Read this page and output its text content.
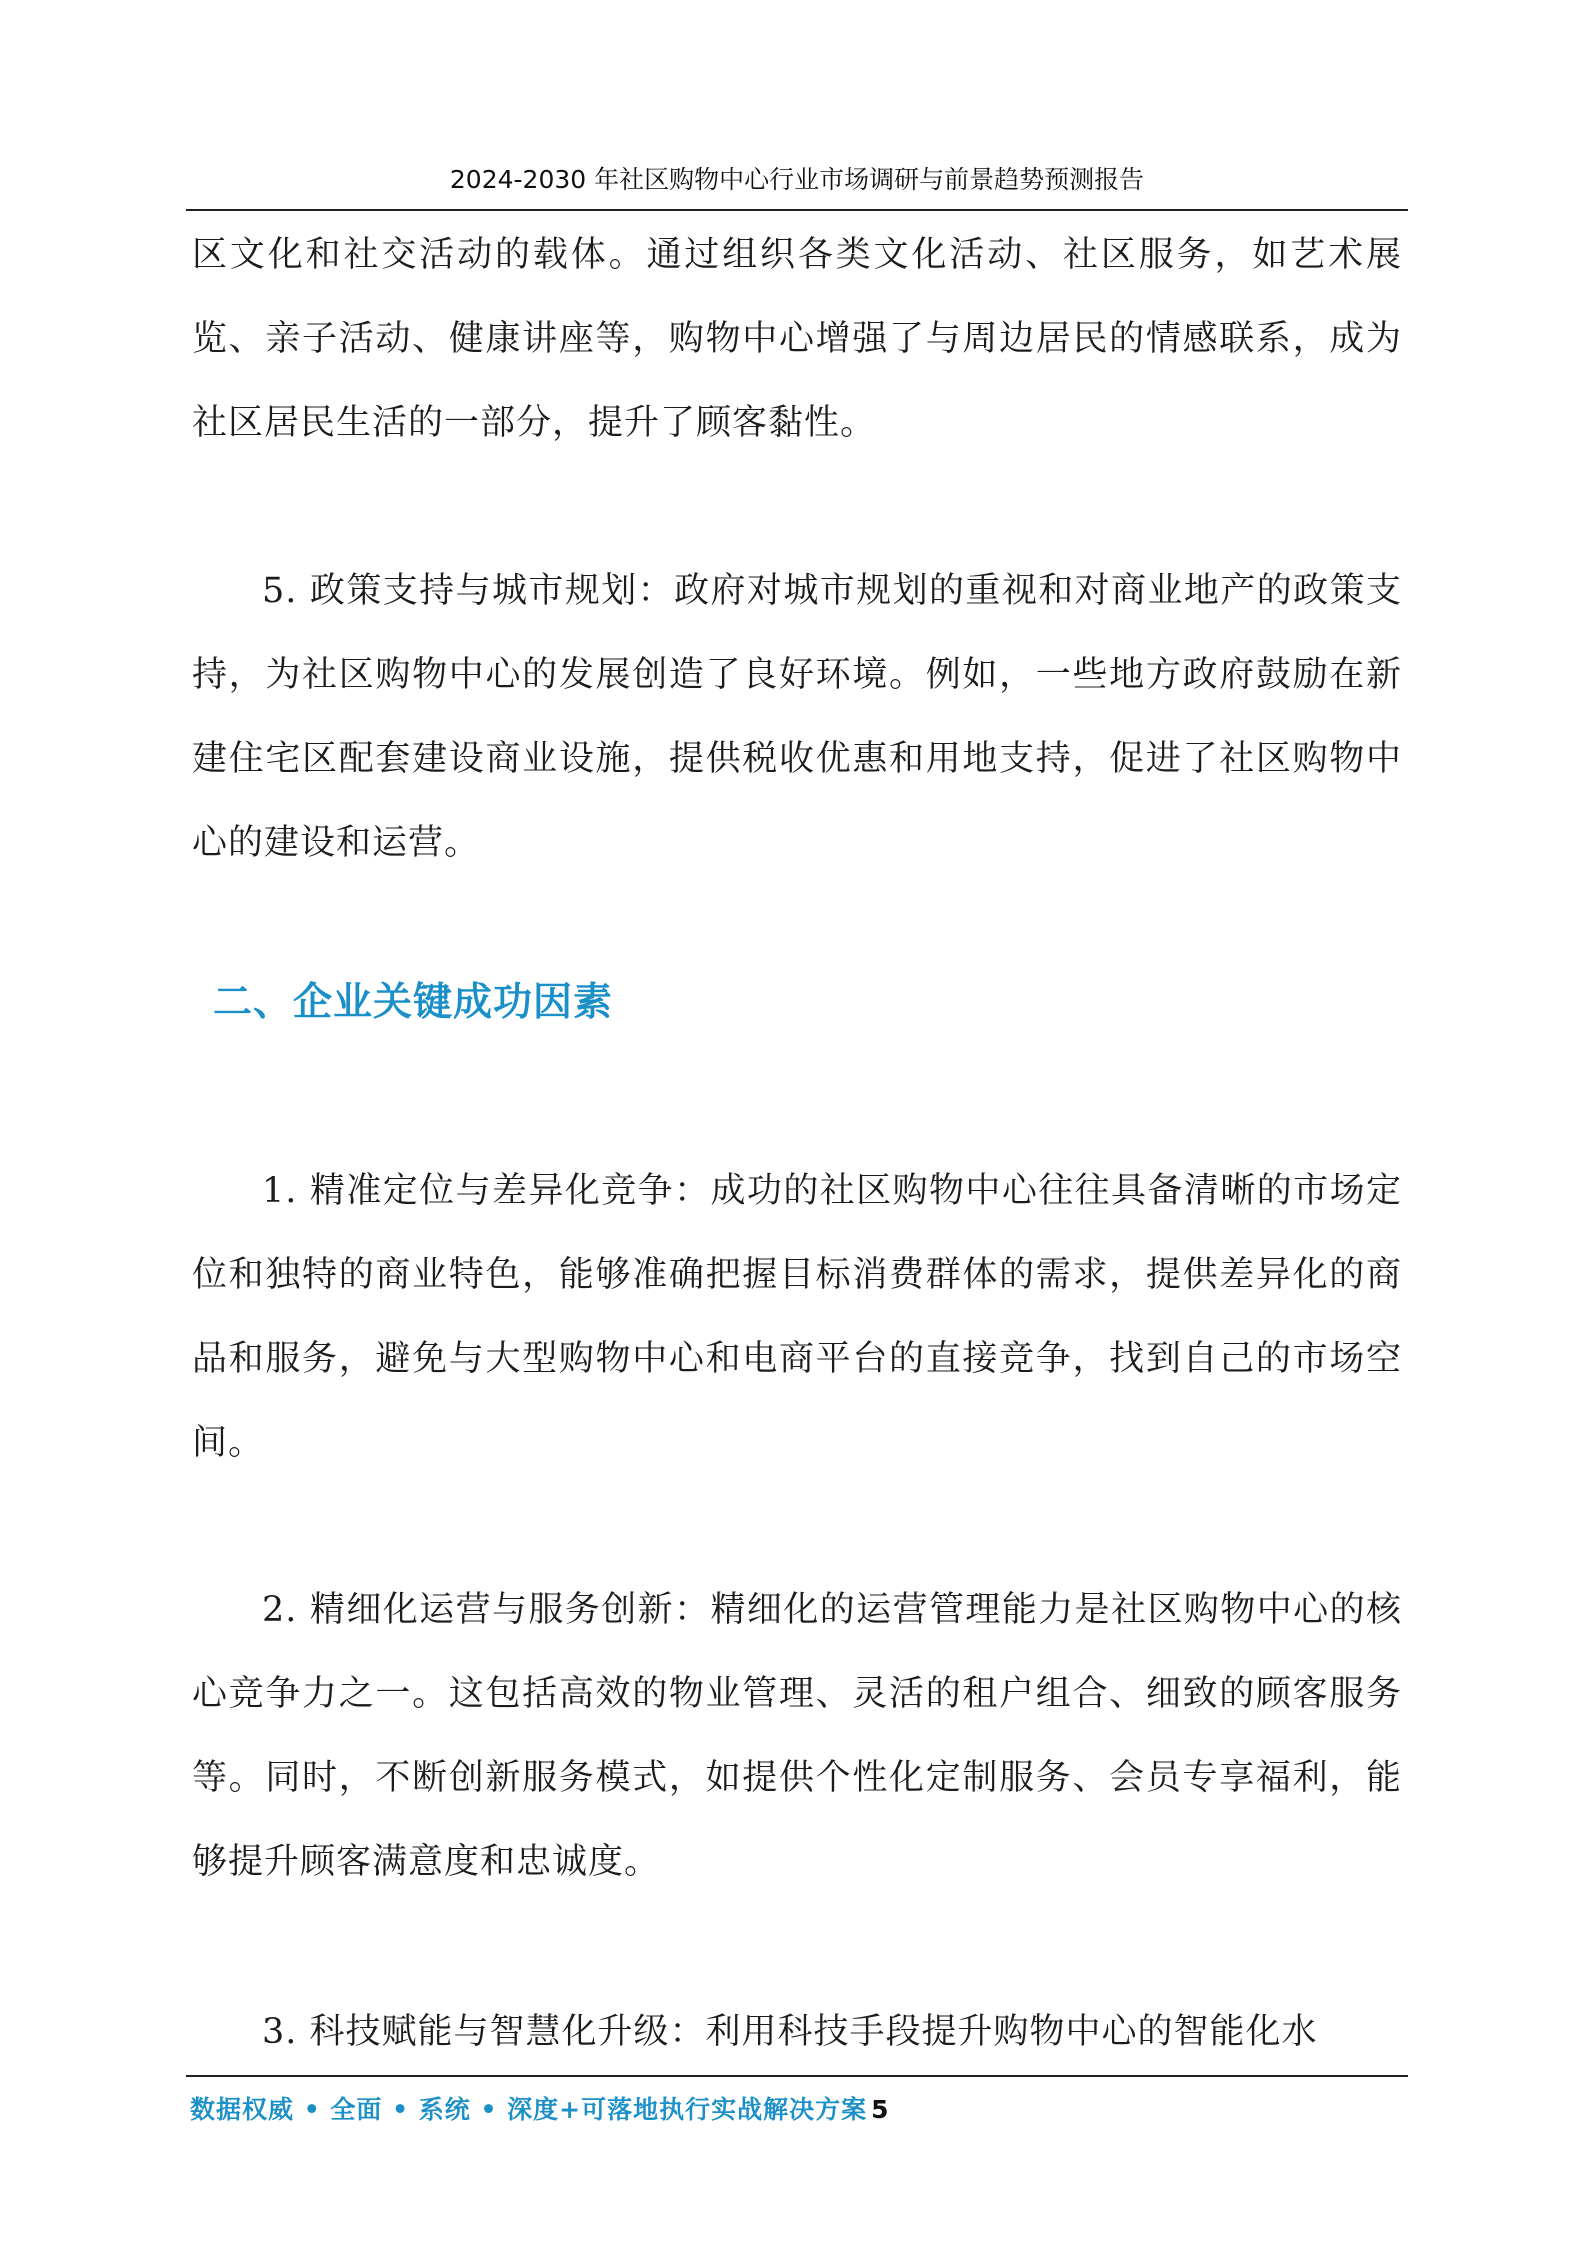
2024-2030 年社区购物中心行业市场调研与前景趋势预测报告

区文化和社交活动的载体。通过组织各类文化活动、社区服务，如艺术展览、亲子活动、健康讲座等，购物中心增强了与周边居民的情感联系，成为社区居民生活的一部分，提升了顾客黏性。

5. 政策支持与城市规划：政府对城市规划的重视和对商业地产的政策支持，为社区购物中心的发展创造了良好环境。例如，一些地方政府鼓励在新建住宅区配套建设商业设施，提供税收优惠和用地支持，促进了社区购物中心的建设和运营。

二、企业关键成功因素

1. 精准定位与差异化竞争：成功的社区购物中心往往具备清晰的市场定位和独特的商业特色，能够准确把握目标消费群体的需求，提供差异化的商品和服务，避免与大型购物中心和电商平台的直接竞争，找到自己的市场空间。

2. 精细化运营与服务创新：精细化的运营管理能力是社区购物中心的核心竞争力之一。这包括高效的物业管理、灵活的租户组合、细致的顾客服务等。同时，不断创新服务模式，如提供个性化定制服务、会员专享福利，能够提升顾客满意度和忠诚度。

3. 科技赋能与智慧化升级：利用科技手段提升购物中心的智能化水

数据权威 • 全面 • 系统 • 深度+可落地执行实战解决方案 5
